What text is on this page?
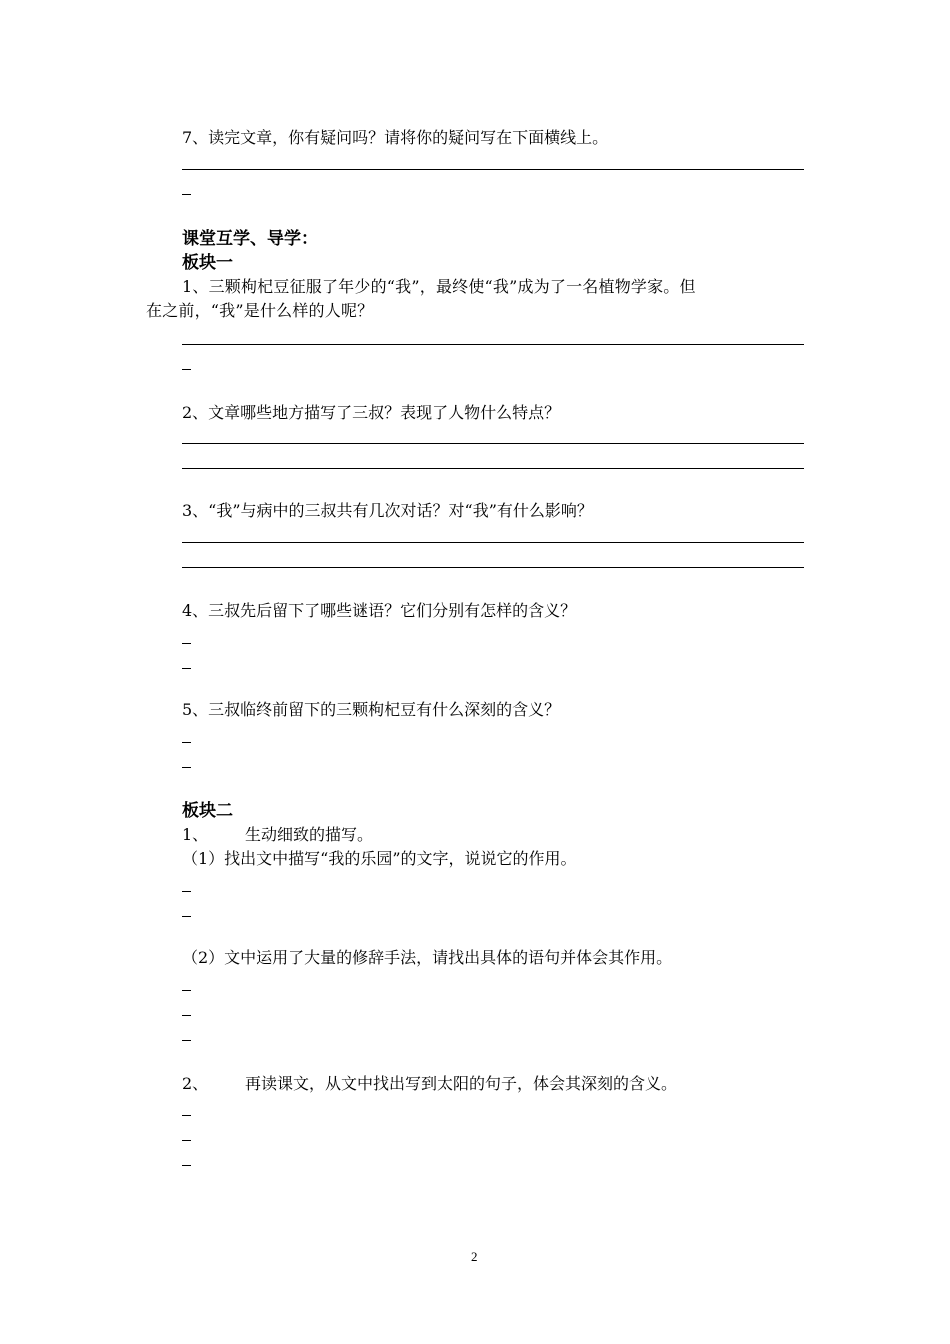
7、读完文章，你有疑问吗？请将你的疑问写在下面横线上。
课堂互学、导学：
板块一
1、三颗枸杞豆征服了年少的“我”，最终使“我”成为了一名植物学家。但
在之前，“我”是什么样的人呢？
2、文章哪些地方描写了三叔？表现了人物什么特点？
3、“我”与病中的三叔共有几次对话？对“我”有什么影响？
4、三叔先后留下了哪些谜语？它们分别有怎样的含义？
5、三叔临终前留下的三颗枸杞豆有什么深刻的含义？
板块二
1、 生动细致的描写。
（1）找出文中描写“我的乐园”的文字，说说它的作用。
（2）文中运用了大量的修辞手法，请找出具体的语句并体会其作用。
2、 再读课文，从文中找出写到太阳的句子，体会其深刻的含义。
2
